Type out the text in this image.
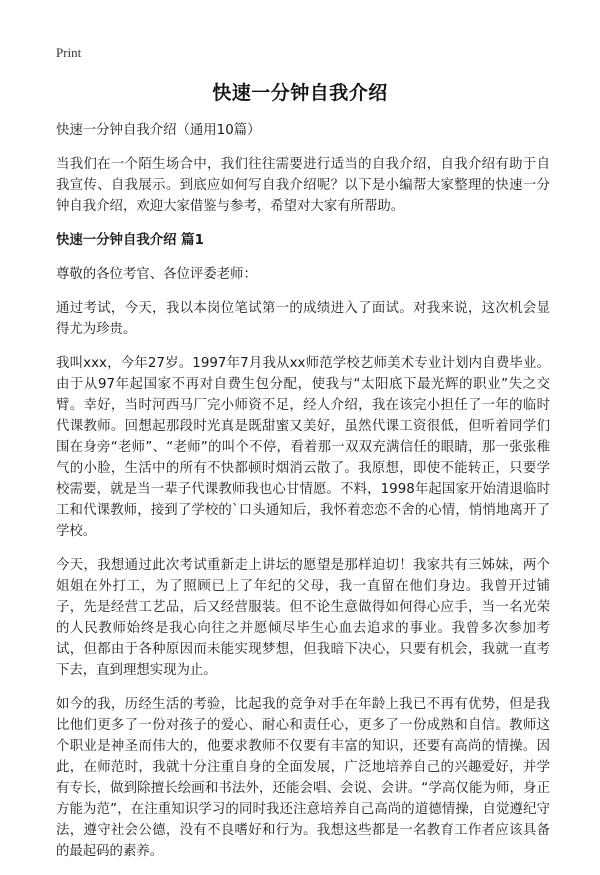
Print
快速一分钟自我介绍

快速一分钟自我介绍（通用10篇）

当我们在一个陌生场合中，我们往往需要进行适当的自我介绍，自我介绍有助于自我宣传、自我展示。到底应如何写自我介绍呢？以下是小编帮大家整理的快速一分钟自我介绍，欢迎大家借鉴与参考，希望对大家有所帮助。

快速一分钟自我介绍 篇1

尊敬的各位考官、各位评委老师：

通过考试，今天，我以本岗位笔试第一的成绩进入了面试。对我来说，这次机会显得尤为珍贵。

我叫xxx，今年27岁。1997年7月我从xx师范学校艺师美术专业计划内自费毕业。由于从97年起国家不再对自费生包分配，使我与“太阳底下最光辉的职业”失之交臂。幸好，当时河西马厂完小师资不足，经人介绍，我在该完小担任了一年的临时代课教师。回想起那段时光真是既甜蜜又美好，虽然代课工资很低，但听着同学们围在身旁“老师”、“老师”的叫个不停，看着那一双双充满信任的眼睛，那一张张稚气的小脸，生活中的所有不快都顿时烟消云散了。我原想，即使不能转正，只要学校需要，就是当一辈子代课教师我也心甘情愿。不料，1998年起国家开始清退临时工和代课教师，接到了学校的`口头通知后，我怀着恋恋不舍的心情，悄悄地离开了学校。

今天，我想通过此次考试重新走上讲坛的愿望是那样迫切！我家共有三姊妹，两个姐姐在外打工，为了照顾已上了年纪的父母，我一直留在他们身边。我曾开过铺子，先是经营工艺品，后又经营服装。但不论生意做得如何得心应手，当一名光荣的人民教师始终是我心向往之并愿倾尽毕生心血去追求的事业。我曾多次参加考试，但都由于各种原因而未能实现梦想，但我暗下决心，只要有机会，我就一直考下去，直到理想实现为止。

如今的我，历经生活的考验，比起我的竞争对手在年龄上我已不再有优势，但是我比他们更多了一份对孩子的爱心、耐心和责任心，更多了一份成熟和自信。教师这个职业是神圣而伟大的，他要求教师不仅要有丰富的知识，还要有高尚的情操。因此，在师范时，我就十分注重自身的全面发展，广泛地培养自己的兴趣爱好，并学有专长，做到除擅长绘画和书法外，还能会唱、会说、会讲。“学高仅能为师，身正方能为范”，在注重知识学习的同时我还注意培养自己高尚的道德情操，自觉遵纪守法，遵守社会公德，没有不良嗜好和行为。我想这些都是一名教育工作者应该具备的最起码的素养。
